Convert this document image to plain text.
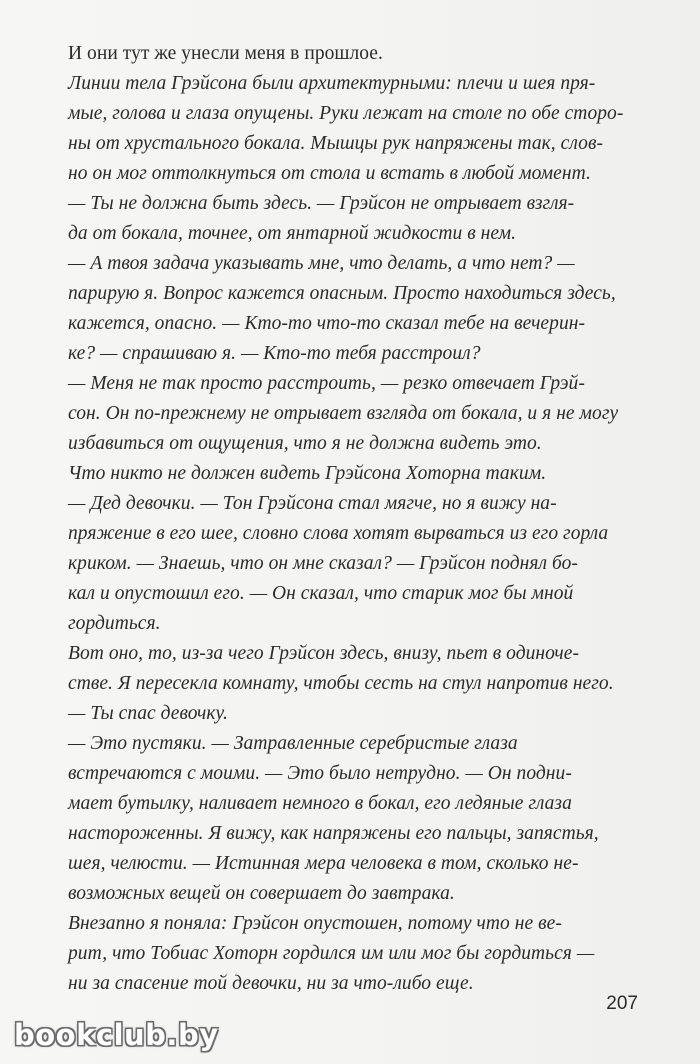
И они тут же унесли меня в прошлое.
Линии тела Грэйсона были архитектурными: плечи и шея пря-
мые, голова и глаза опущены. Руки лежат на столе по обе сторо-
ны от хрустального бокала. Мышцы рук напряжены так, слов-
но он мог оттолкнуться от стола и встать в любой момент.
— Ты не должна быть здесь. — Грэйсон не отрывает взгля-
да от бокала, точнее, от янтарной жидкости в нем.
— А твоя задача указывать мне, что делать, а что нет? —
парирую я. Вопрос кажется опасным. Просто находиться здесь,
кажется, опасно. — Кто-то что-то сказал тебе на вечерин-
ке? — спрашиваю я. — Кто-то тебя расстроил?
— Меня не так просто расстроить, — резко отвечает Грэй-
сон. Он по-прежнему не отрывает взгляда от бокала, и я не могу
избавиться от ощущения, что я не должна видеть это.
Что никто не должен видеть Грэйсона Хоторна таким.
— Дед девочки. — Тон Грэйсона стал мягче, но я вижу на-
пряжение в его шее, словно слова хотят вырваться из его горла
криком. — Знаешь, что он мне сказал? — Грэйсон поднял бо-
кал и опустошил его. — Он сказал, что старик мог бы мной
гордиться.
Вот оно, то, из-за чего Грэйсон здесь, внизу, пьет в одиноче-
стве. Я пересекла комнату, чтобы сесть на стул напротив него.
— Ты спас девочку.
— Это пустяки. — Затравленные серебристые глаза
встречаются с моими. — Это было нетрудно. — Он подни-
мает бутылку, наливает немного в бокал, его ледяные глаза
настороженны. Я вижу, как напряжены его пальцы, запястья,
шея, челюсти. — Истинная мера человека в том, сколько не-
возможных вещей он совершает до завтрака.
Внезапно я поняла: Грэйсон опустошен, потому что не ве-
рит, что Тобиас Хоторн гордился им или мог бы гордиться —
ни за спасение той девочки, ни за что-либо еще.
207
bookclub.by
